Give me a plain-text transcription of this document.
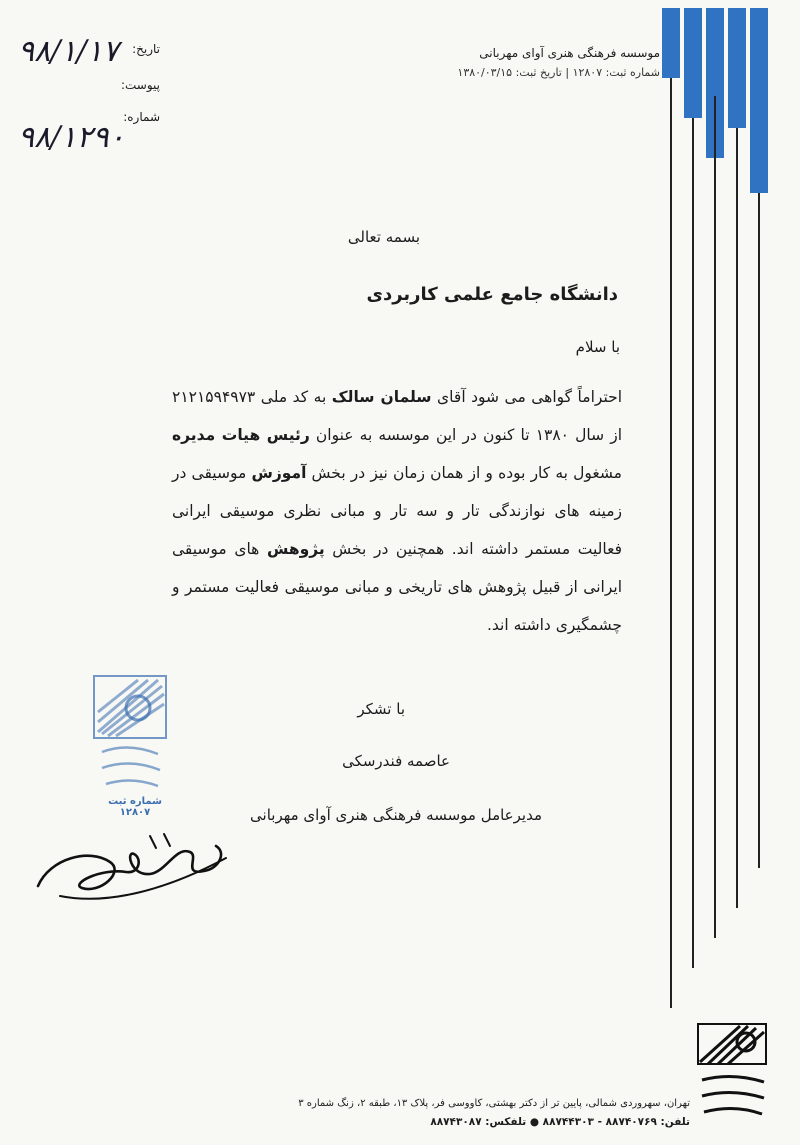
موسسه فرهنگی هنری آوای مهربانی
شماره ثبت: ۱۲۸۰۷ | تاریخ ثبت: ۱۳۸۰/۰۳/۱۵
تاریخ:
پیوست:
شماره:
۹۸/۱/۱۷
۹۸/۱۲۹۰
بسمه تعالی
دانشگاه جامع علمی کاربردی
با سلام
احتراماً گواهی می شود آقای سلمان سالک به کد ملی ۲۱۲۱۵۹۴۹۷۳ از سال ۱۳۸۰ تا کنون در این موسسه به عنوان رئیس هیات مدیره مشغول به کار بوده و از همان زمان نیز در بخش آموزش موسیقی در زمینه های نوازندگی تار و سه تار و مبانی نظری موسیقی ایرانی فعالیت مستمر داشته اند. همچنین در بخش پژوهش های موسیقی ایرانی از قبیل پژوهش های تاریخی و مبانی موسیقی فعالیت مستمر و چشمگیری داشته اند.
با تشکر
عاصمه فندرسکی
مدیرعامل موسسه فرهنگی هنری آوای مهربانی
شماره ثبت ۱۲۸۰۷
تهران، سهروردی شمالی، پایین تر از دکتر بهشتی، کاووسی فر، پلاک ۱۳، طبقه ۲، زنگ شماره ۳
تلفن: ۸۸۷۴۰۷۶۹ - ۸۸۷۴۴۳۰۳ ● تلفکس: ۸۸۷۴۳۰۸۷
